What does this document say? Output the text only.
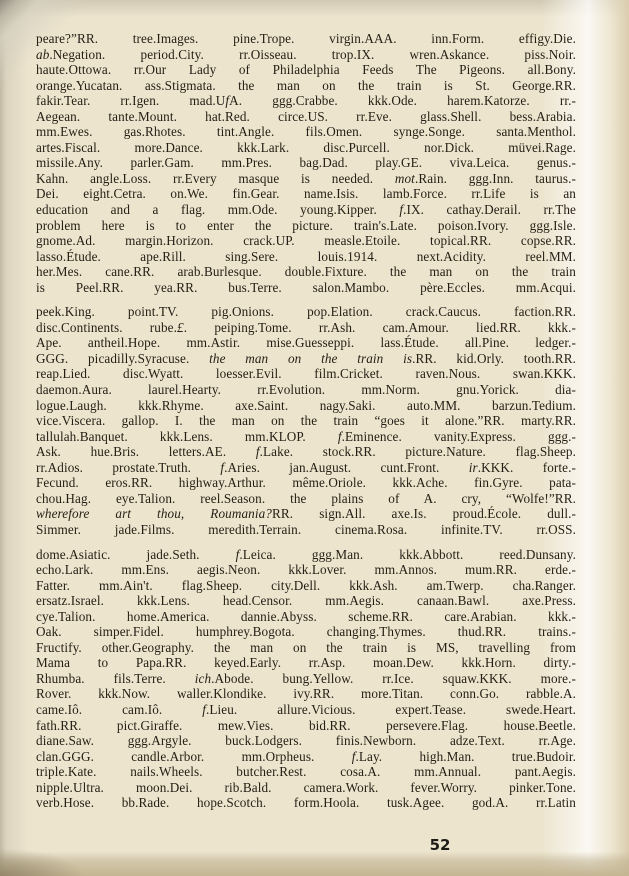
peare?”RR. tree.Images. pine.Trope. virgin.AAA. inn.Form. effigy.Die.
ab.Negation. period.City. rr.Oisseau. trop.IX. wren.Askance. piss.Noir.
haute.Ottowa. rr.Our Lady of Philadelphia Feeds The Pigeons. all.Bony.
orange.Yucatan. ass.Stigmata. the man on the train is St. George.RR.
fakir.Tear. rr.Igen. mad.UfA. ggg.Crabbe. kkk.Ode. harem.Katorze. rr.-
Aegean. tante.Mount. hat.Red. circe.US. rr.Eve. glass.Shell. bess.Arabia.
mm.Ewes. gas.Rhotes. tint.Angle. fils.Omen. synge.Songe. santa.Menthol.
artes.Fiscal. more.Dance. kkk.Lark. disc.Purcell. nor.Dick. müvei.Rage.
missile.Any. parler.Gam. mm.Pres. bag.Dad. play.GE. viva.Leica. genus.-
Kahn. angle.Loss. rr.Every masque is needed. mot.Rain. ggg.Inn. taurus.-
Dei. eight.Cetra. on.We. fin.Gear. name.Isis. lamb.Force. rr.Life is an
education and a flag. mm.Ode. young.Kipper. f.IX. cathay.Derail. rr.The
problem here is to enter the picture. train's.Late. poison.Ivory. ggg.Isle.
gnome.Ad. margin.Horizon. crack.UP. measle.Etoile. topical.RR. copse.RR.
lasso.Étude. ape.Rill. sing.Sere. louis.1914. next.Acidity. reel.MM.
her.Mes. cane.RR. arab.Burlesque. double.Fixture. the man on the train
is Peel.RR. yea.RR. bus.Terre. salon.Mambo. père.Eccles. mm.Acqui.
peek.King. point.TV. pig.Onions. pop.Elation. crack.Caucus. faction.RR.
disc.Continents. rube.£. peiping.Tome. rr.Ash. cam.Amour. lied.RR. kkk.-
Ape. antheil.Hope. mm.Astir. mise.Guesseppi. lass.Étude. all.Pine. ledger.-
GGG. picadilly.Syracuse. the man on the train is.RR. kid.Orly. tooth.RR.
reap.Lied. disc.Wyatt. loesser.Evil. film.Cricket. raven.Nous. swan.KKK.
daemon.Aura. laurel.Hearty. rr.Evolution. mm.Norm. gnu.Yorick. dia-
logue.Laugh. kkk.Rhyme. axe.Saint. nagy.Saki. auto.MM. barzun.Tedium.
vice.Viscera. gallop. I. the man on the train “goes it alone.”RR. marty.RR.
tallulah.Banquet. kkk.Lens. mm.KLOP. f.Eminence. vanity.Express. ggg.-
Ask. hue.Bris. letters.AE. f.Lake. stock.RR. picture.Nature. flag.Sheep.
rr.Adios. prostate.Truth. f.Aries. jan.August. cunt.Front. ir.KKK. forte.-
Fecund. eros.RR. highway.Arthur. même.Oriole. kkk.Ache. fin.Gyre. pata-
chou.Hag. eye.Talion. reel.Season. the plains of A. cry, “Wolfe!”RR.
wherefore art thou, Roumania?RR. sign.All. axe.Is. proud.École. dull.-
Simmer. jade.Films. meredith.Terrain. cinema.Rosa. infinite.TV. rr.OSS.
dome.Asiatic. jade.Seth. f.Leica. ggg.Man. kkk.Abbott. reed.Dunsany.
echo.Lark. mm.Ens. aegis.Neon. kkk.Lover. mm.Annos. mum.RR. erde.-
Fatter. mm.Ain't. flag.Sheep. city.Dell. kkk.Ash. am.Twerp. cha.Ranger.
ersatz.Israel. kkk.Lens. head.Censor. mm.Aegis. canaan.Bawl. axe.Press.
cye.Talion. home.America. dannie.Abyss. scheme.RR. care.Arabian. kkk.-
Oak. simper.Fidel. humphrey.Bogota. changing.Thymes. thud.RR. trains.-
Fructify. other.Geography. the man on the train is MS, travelling from
Mama to Papa.RR. keyed.Early. rr.Asp. moan.Dew. kkk.Horn. dirty.-
Rhumba. fils.Terre. ich.Abode. bung.Yellow. rr.Ice. squaw.KKK. more.-
Rover. kkk.Now. waller.Klondike. ivy.RR. more.Titan. conn.Go. rabble.A.
came.Iô. cam.Iô. f.Lieu. allure.Vicious. expert.Tease. swede.Heart.
fath.RR. pict.Giraffe. mew.Vies. bid.RR. persevere.Flag. house.Beetle.
diane.Saw. ggg.Argyle. buck.Lodgers. finis.Newborn. adze.Text. rr.Age.
clan.GGG. candle.Arbor. mm.Orpheus. f.Lay. high.Man. true.Budoir.
triple.Kate. nails.Wheels. butcher.Rest. cosa.A. mm.Annual. pant.Aegis.
nipple.Ultra. moon.Dei. rib.Bald. camera.Work. fever.Worry. pinker.Tone.
verb.Hose. bb.Rade. hope.Scotch. form.Hoola. tusk.Agee. god.A. rr.Latin
52
